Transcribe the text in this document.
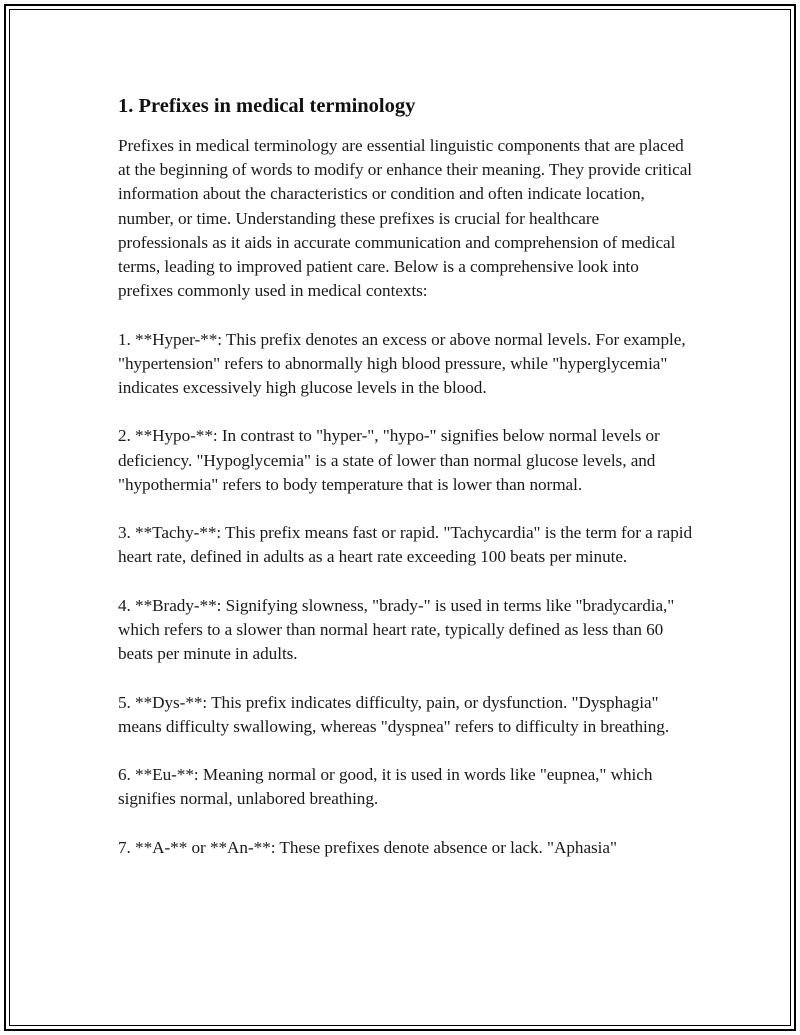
1. Prefixes in medical terminology

Prefixes in medical terminology are essential linguistic components that are placed at the beginning of words to modify or enhance their meaning. They provide critical information about the characteristics or condition and often indicate location, number, or time. Understanding these prefixes is crucial for healthcare professionals as it aids in accurate communication and comprehension of medical terms, leading to improved patient care. Below is a comprehensive look into prefixes commonly used in medical contexts:

1. **Hyper-**: This prefix denotes an excess or above normal levels. For example, "hypertension" refers to abnormally high blood pressure, while "hyperglycemia" indicates excessively high glucose levels in the blood.

2. **Hypo-**: In contrast to "hyper-", "hypo-" signifies below normal levels or deficiency. "Hypoglycemia" is a state of lower than normal glucose levels, and "hypothermia" refers to body temperature that is lower than normal.

3. **Tachy-**: This prefix means fast or rapid. "Tachycardia" is the term for a rapid heart rate, defined in adults as a heart rate exceeding 100 beats per minute.

4. **Brady-**: Signifying slowness, "brady-" is used in terms like "bradycardia," which refers to a slower than normal heart rate, typically defined as less than 60 beats per minute in adults.

5. **Dys-**: This prefix indicates difficulty, pain, or dysfunction. "Dysphagia" means difficulty swallowing, whereas "dyspnea" refers to difficulty in breathing.

6. **Eu-**: Meaning normal or good, it is used in words like "eupnea," which signifies normal, unlabored breathing.

7. **A-** or **An-**: These prefixes denote absence or lack. "Aphasia"
